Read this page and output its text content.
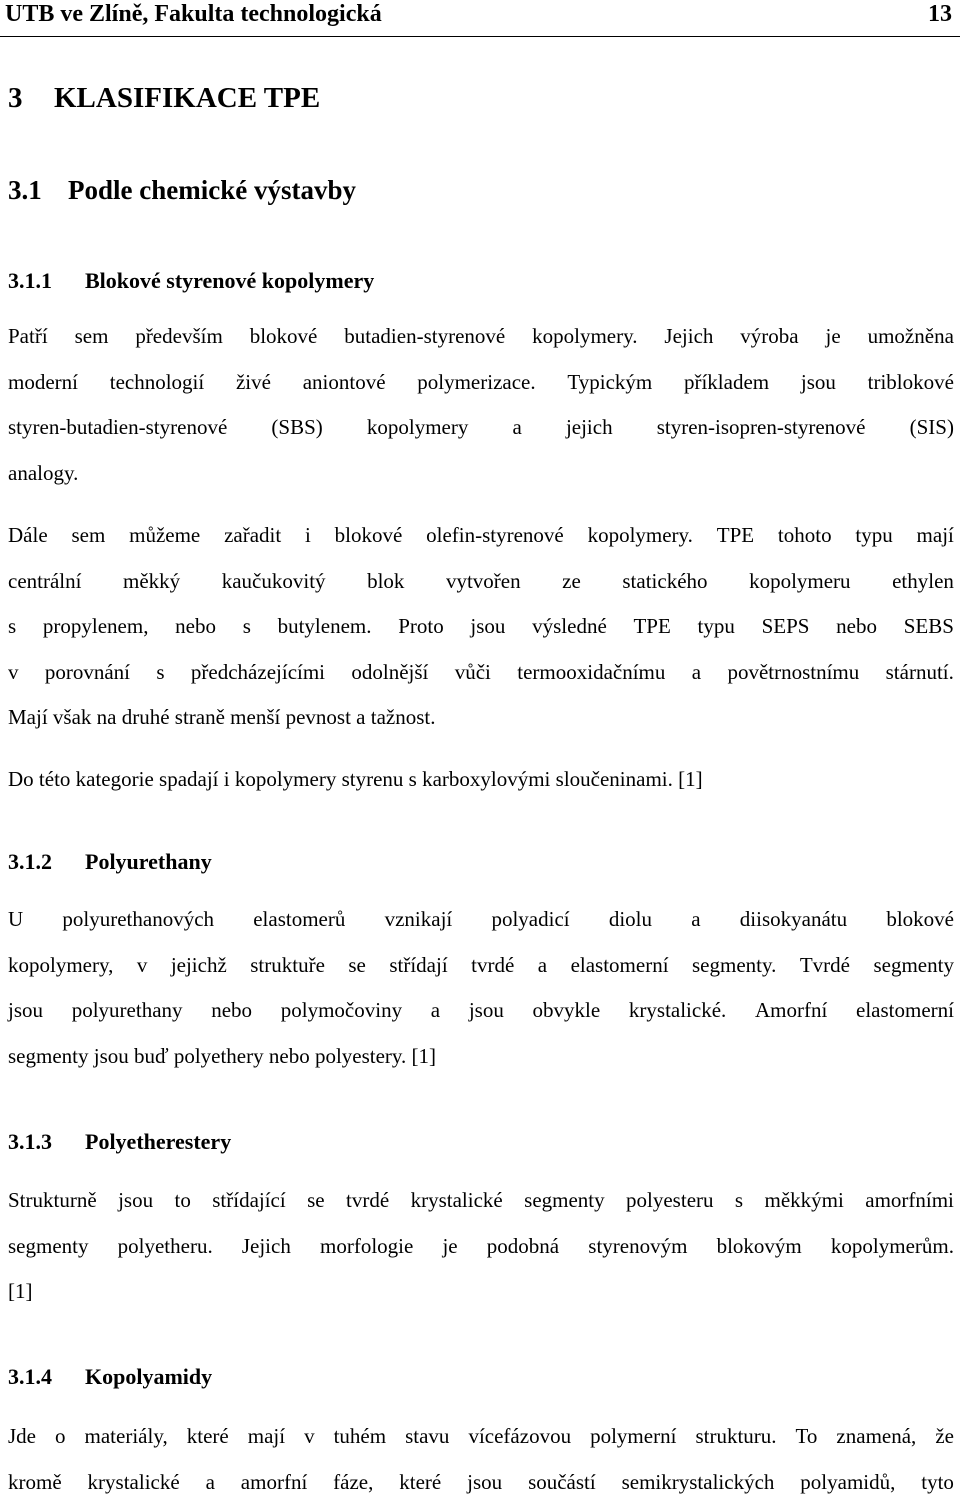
UTB ve Zlíně, Fakulta technologická	13
3 KLASIFIKACE TPE
3.1 Podle chemické výstavby
3.1.1 Blokové styrenové kopolymery
Patří sem především blokové butadien-styrenové kopolymery. Jejich výroba je umožněna
moderní technologií živé aniontové polymerizace. Typickým příkladem jsou triblokové
styren-butadien-styrenové (SBS) kopolymery a jejich styren-isopren-styrenové (SIS)
analogy.
Dále sem můžeme zařadit i blokové olefin-styrenové kopolymery. TPE tohoto typu mají
centrální měkký kaučukovitý blok vytvořen ze statického kopolymeru ethylen
s propylenem, nebo s butylenem. Proto jsou výsledné TPE typu SEPS nebo SEBS
v porovnání s předcházejícími odolnější vůči termooxidačnímu a povětrnostnímu stárnutí.
Mají však na druhé straně menší pevnost a tažnost.
Do této kategorie spadají i kopolymery styrenu s karboxylovými sloučeninami. [1]
3.1.2 Polyurethany
U polyurethanových elastomerů vznikají polyadicí diolu a diisokyanátu blokové
kopolymery, v jejichž struktuře se střídají tvrdé a elastomerní segmenty. Tvrdé segmenty
jsou polyurethany nebo polymočoviny a jsou obvykle krystalické. Amorfní elastomerní
segmenty jsou buď polyethery nebo polyestery. [1]
3.1.3 Polyetherestery
Strukturně jsou to střídající se tvrdé krystalické segmenty polyesteru s měkkými amorfními
segmenty polyetheru. Jejich morfologie je podobná styrenovým blokovým kopolymerům.
[1]
3.1.4 Kopolyamidy
Jde o materiály, které mají v tuhém stavu vícefázovou polymerní strukturu. To znamená, že
kromě krystalické a amorfní fáze, které jsou součástí semikrystalických polyamidů, tyto
